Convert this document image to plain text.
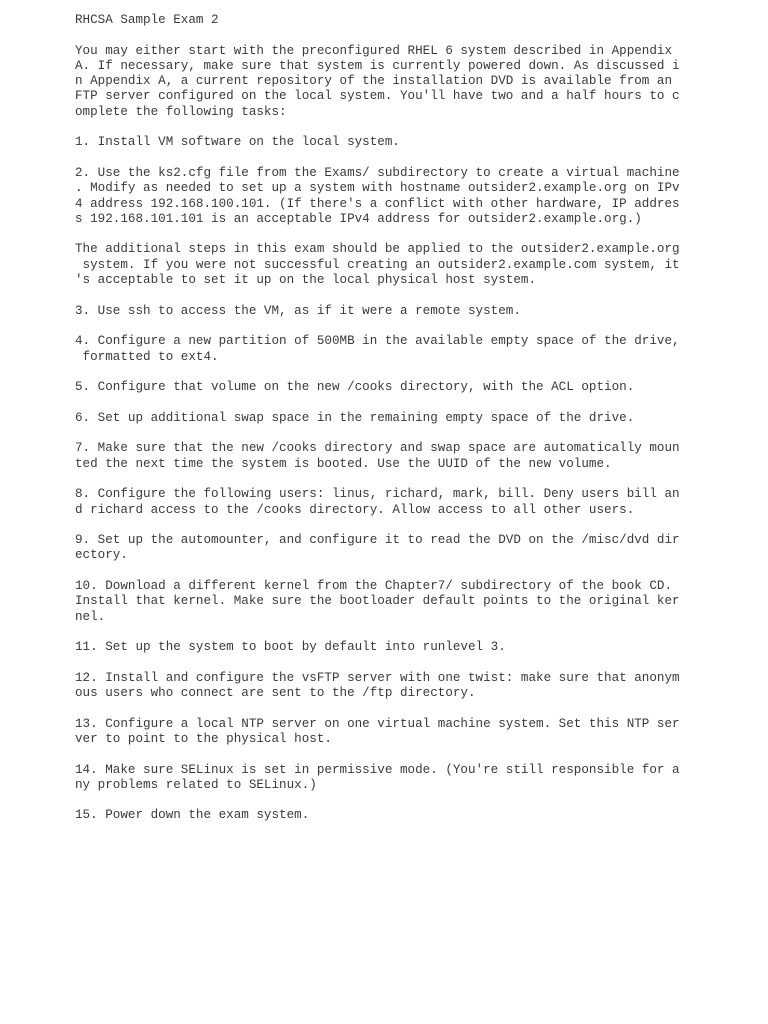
RHCSA Sample Exam 2
You may either start with the preconfigured RHEL 6 system described in Appendix
A. If necessary, make sure that system is currently powered down. As discussed i
n Appendix A, a current repository of the installation DVD is available from an
FTP server configured on the local system. You'll have two and a half hours to c
omplete the following tasks:
1. Install VM software on the local system.
2. Use the ks2.cfg file from the Exams/ subdirectory to create a virtual machine
. Modify as needed to set up a system with hostname outsider2.example.org on IPv
4 address 192.168.100.101. (If there's a conflict with other hardware, IP addres
s 192.168.101.101 is an acceptable IPv4 address for outsider2.example.org.)
The additional steps in this exam should be applied to the outsider2.example.org
system. If you were not successful creating an outsider2.example.com system, it
's acceptable to set it up on the local physical host system.
3. Use ssh to access the VM, as if it were a remote system.
4. Configure a new partition of 500MB in the available empty space of the drive,
formatted to ext4.
5. Configure that volume on the new /cooks directory, with the ACL option.
6. Set up additional swap space in the remaining empty space of the drive.
7. Make sure that the new /cooks directory and swap space are automatically moun
ted the next time the system is booted. Use the UUID of the new volume.
8. Configure the following users: linus, richard, mark, bill. Deny users bill an
d richard access to the /cooks directory. Allow access to all other users.
9. Set up the automounter, and configure it to read the DVD on the /misc/dvd dir
ectory.
10. Download a different kernel from the Chapter7/ subdirectory of the book CD.
Install that kernel. Make sure the bootloader default points to the original ker
nel.
11. Set up the system to boot by default into runlevel 3.
12. Install and configure the vsFTP server with one twist: make sure that anonym
ous users who connect are sent to the /ftp directory.
13. Configure a local NTP server on one virtual machine system. Set this NTP ser
ver to point to the physical host.
14. Make sure SELinux is set in permissive mode. (You're still responsible for a
ny problems related to SELinux.)
15. Power down the exam system.
